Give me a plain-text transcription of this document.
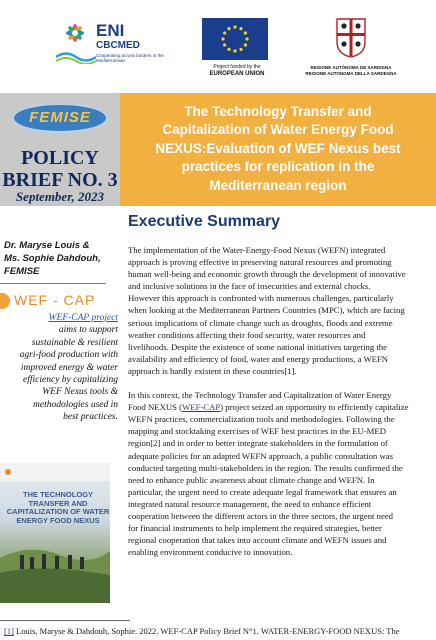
ENI
CBCMED
Cooperating across borders in the Mediterranean
Project funded by the
EUROPEAN UNION
REGIONE AUTÒNOMA DE SARDIGNA
REGIONE AUTONOMA DELLA SARDEGNA
FEMISE
POLICY
BRIEF NO. 3
September, 2023
Dr. Maryse Louis &
Ms. Sophie Dahdouh,
FEMISE
WEF - CAP
WEF-CAP project
aims to support
sustainable & resilient
agri-food production with
improved energy & water
efficiency by capitalizing
WEF Nexus tools &
methodologies used in
best practices.
THE TECHNOLOGY TRANSFER AND CAPITALIZATION OF WATER ENERGY FOOD NEXUS
The Technology Transfer and
Capitalization of Water Energy Food
NEXUS:Evaluation of WEF Nexus best
practices for replication in the
Mediterranean region
Executive Summary

The implementation of the Water-Energy-Food Nexus (WEFN) integrated
approach is proving effective in preserving natural resources and promoting
human well-being and economic growth through the development of innovative
and inclusive solutions in the face of insecurities and external chocks.
However this approach is confronted with numerous challenges, particularly
when looking at the Mediterranean Partners Countries (MPC), which are facing
serious implications of climate change such as droughts, floods and extreme
weather conditions affecting their food security, water resources and
livelihoods. Despite the existence of some national initiatives targeting the
availability and efficiency of food, water and energy productions, a WEFN
approach is hardly existent in these countries[1].

In this context, the Technology Transfer and Capitalization of Water Energy
Food NEXUS (WEF-CAP) project seized an opportunity to efficiently capitalize
WEFN practices, commercialization tools and methodologies. Following the
mapping and stocktaking exercises of WEF best practices in the EU-MED
region[2] and in order to better integrate stakeholders in the formulation of
adequate policies for an adapted WEFN approach, a public consultation was
conducted targeting multi-stakeholders in the region. The results confirmed the
need to enhance public awareness about climate change and WEFN. In
particular, the urgent need to create adequate legal framework that ensures an
integrated natural resource management, the need to enhance efficient
cooperation between the different actors in the three sectors, the urgent need
for financial instruments to help implement the required strategies, better
regional cooperation that takes into account climate and WEFN issues and
enabling environment conducive to innovation.

[1] Louis, Maryse & Dahdouh, Sophie. 2022. WEF-CAP Policy Brief N°1. WATER-ENERGY-FOOD NEXUS: The
